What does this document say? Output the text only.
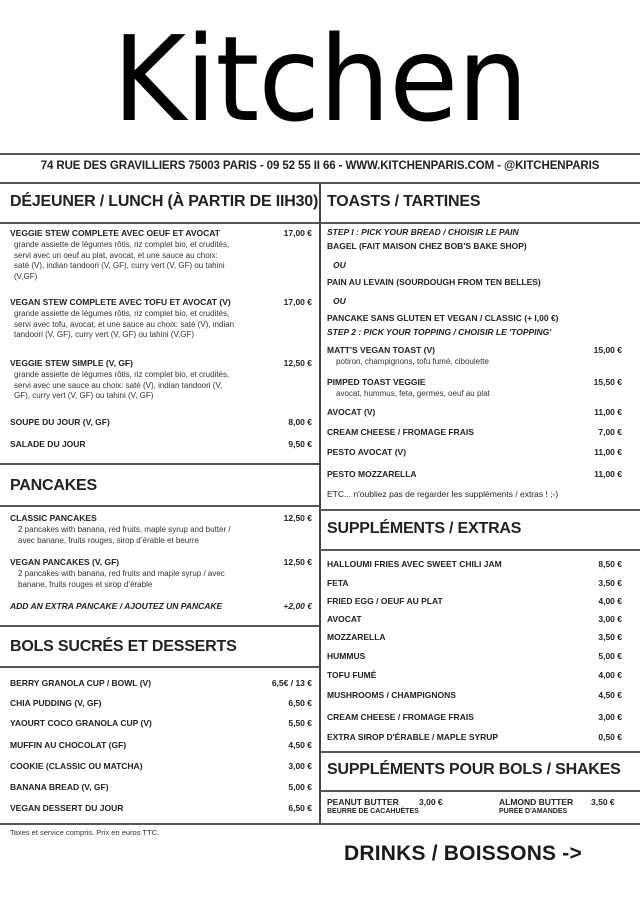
Kitchen
74 RUE DES GRAVILLIERS 75003 PARIS - 09 52 55 II 66 - WWW.KITCHENPARIS.COM - @KITCHENPARIS
DÉJEUNER / LUNCH (À PARTIR DE IIH30)
VEGGIE STEW COMPLETE AVEC OEUF ET AVOCAT	17,00 €
grande assiette de légumes rôtis, riz complet bio, et crudités,
servi avec un oeuf au plat, avocat, et une sauce au choix:
saté (V), indian tandoori (V, GF), curry vert (V, GF) ou tahini
(V,GF)
VEGAN STEW COMPLETE AVEC TOFU ET AVOCAT (V)	17,00 €
grande assiette de légumes rôtis, riz complet bio, et crudités,
servi avec tofu, avocat, et une sauce au choix: saté (V), indian
tandoori (V, GF), curry vert (V, GF) ou tahini (V,GF)
VEGGIE STEW SIMPLE (V, GF)	12,50 €
grande assiette de légumes rôtis, riz complet bio, et crudités,
servi avec une sauce au choix: saté (V), indian tandoori (V,
GF), curry vert (V, GF) ou tahini (V, GF)
SOUPE DU JOUR (V, GF)	8,00 €
SALADE DU JOUR	9,50 €
PANCAKES
CLASSIC PANCAKES	12,50 €
2 pancakes with banana, red fruits, maple syrup and butter /
avec banane, fruits rouges, sirop d’érable et beurre
VEGAN PANCAKES (V, GF)	12,50 €
2 pancakes with banana, red fruits and maple syrup / avec
banane, fruits rouges et sirop d’érable
ADD AN EXTRA PANCAKE / AJOUTEZ UN PANCAKE	+2,00 €
BOLS SUCRÉS ET DESSERTS
BERRY GRANOLA CUP / BOWL (V)	6,5€ / 13 €
CHIA PUDDING (V, GF)	6,50 €
YAOURT COCO GRANOLA CUP (V)	5,50 €
MUFFIN AU CHOCOLAT (GF)	4,50 €
COOKIE (CLASSIC OU MATCHA)	3,00 €
BANANA BREAD (V, GF)	5,00 €
VEGAN DESSERT DU JOUR	6,50 €
TOASTS / TARTINES
STEP I : PICK YOUR BREAD / CHOISIR LE PAIN
BAGEL (FAIT MAISON CHEZ BOB'S BAKE SHOP)
OU
PAIN AU LEVAIN (SOURDOUGH FROM TEN BELLES)
OU
PANCAKE SANS GLUTEN ET VEGAN / CLASSIC (+ I,00 €)
STEP 2 : PICK YOUR TOPPING / CHOISIR LE 'TOPPING'
MATT'S VEGAN TOAST (V)	15,00 €
potiron, champignons, tofu fumé, ciboulette
PIMPED TOAST VEGGIE	15,50 €
avocat, hummus, feta, germes, oeuf au plat
AVOCAT (V)	11,00 €
CREAM CHEESE / FROMAGE FRAIS	7,00 €
PESTO AVOCAT (V)	11,00 €
PESTO MOZZARELLA	11,00 €
ETC... n'oubliez pas de regarder les suppléments / extras ! ;-)
SUPPLÉMENTS / EXTRAS
HALLOUMI FRIES AVEC SWEET CHILI JAM	8,50 €
FETA	3,50 €
FRIED EGG / OEUF AU PLAT	4,00 €
AVOCAT	3,00 €
MOZZARELLA	3,50 €
HUMMUS	5,00 €
TOFU FUMÉ	4,00 €
MUSHROOMS / CHAMPIGNONS	4,50 €
CREAM CHEESE / FROMAGE FRAIS	3,00 €
EXTRA SIROP D'ÉRABLE / MAPLE SYRUP	0,50 €
SUPPLÉMENTS POUR BOLS / SHAKES
PEANUT BUTTER 3,00 €
BEURRE DE CACAHUÈTES
ALMOND BUTTER 3,50 €
PURÉE D'AMANDES
Taxes et service compris. Prix en euros TTC.
DRINKS / BOISSONS ->
